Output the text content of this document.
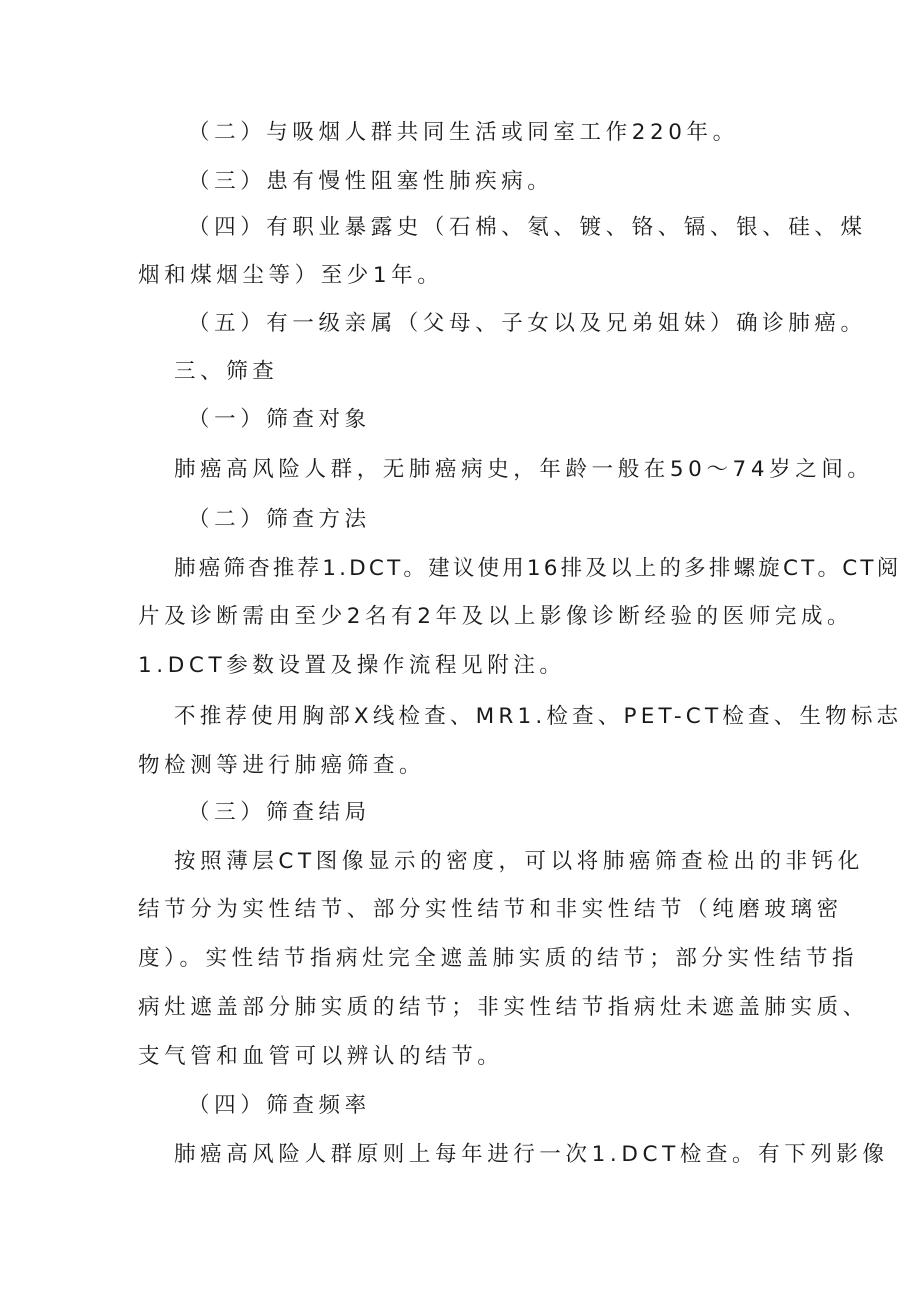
（二）与吸烟人群共同生活或同室工作220年。
（三）患有慢性阻塞性肺疾病。
（四）有职业暴露史（石棉、氡、镀、铬、镉、银、硅、煤
烟和煤烟尘等）至少1年。
（五）有一级亲属（父母、子女以及兄弟姐妹）确诊肺癌。
三、筛查
（一）筛查对象
肺癌高风险人群，无肺癌病史，年龄一般在50〜74岁之间。
（二）筛查方法
肺癌筛杳推荐1.DCT。建议使用16排及以上的多排螺旋CT。CT阅
片及诊断需由至少2名有2年及以上影像诊断经验的医师完成。
1.DCT参数设置及操作流程见附注。
不推荐使用胸部X线检查、MR1.检查、PET-CT检查、生物标志
物检测等进行肺癌筛查。
（三）筛查结局
按照薄层CT图像显示的密度，可以将肺癌筛查检出的非钙化
结节分为实性结节、部分实性结节和非实性结节（纯磨玻璃密
度）。实性结节指病灶完全遮盖肺实质的结节；部分实性结节指
病灶遮盖部分肺实质的结节；非实性结节指病灶未遮盖肺实质、
支气管和血管可以辨认的结节。
（四）筛查频率
肺癌高风险人群原则上每年进行一次1.DCT检查。有下列影像
